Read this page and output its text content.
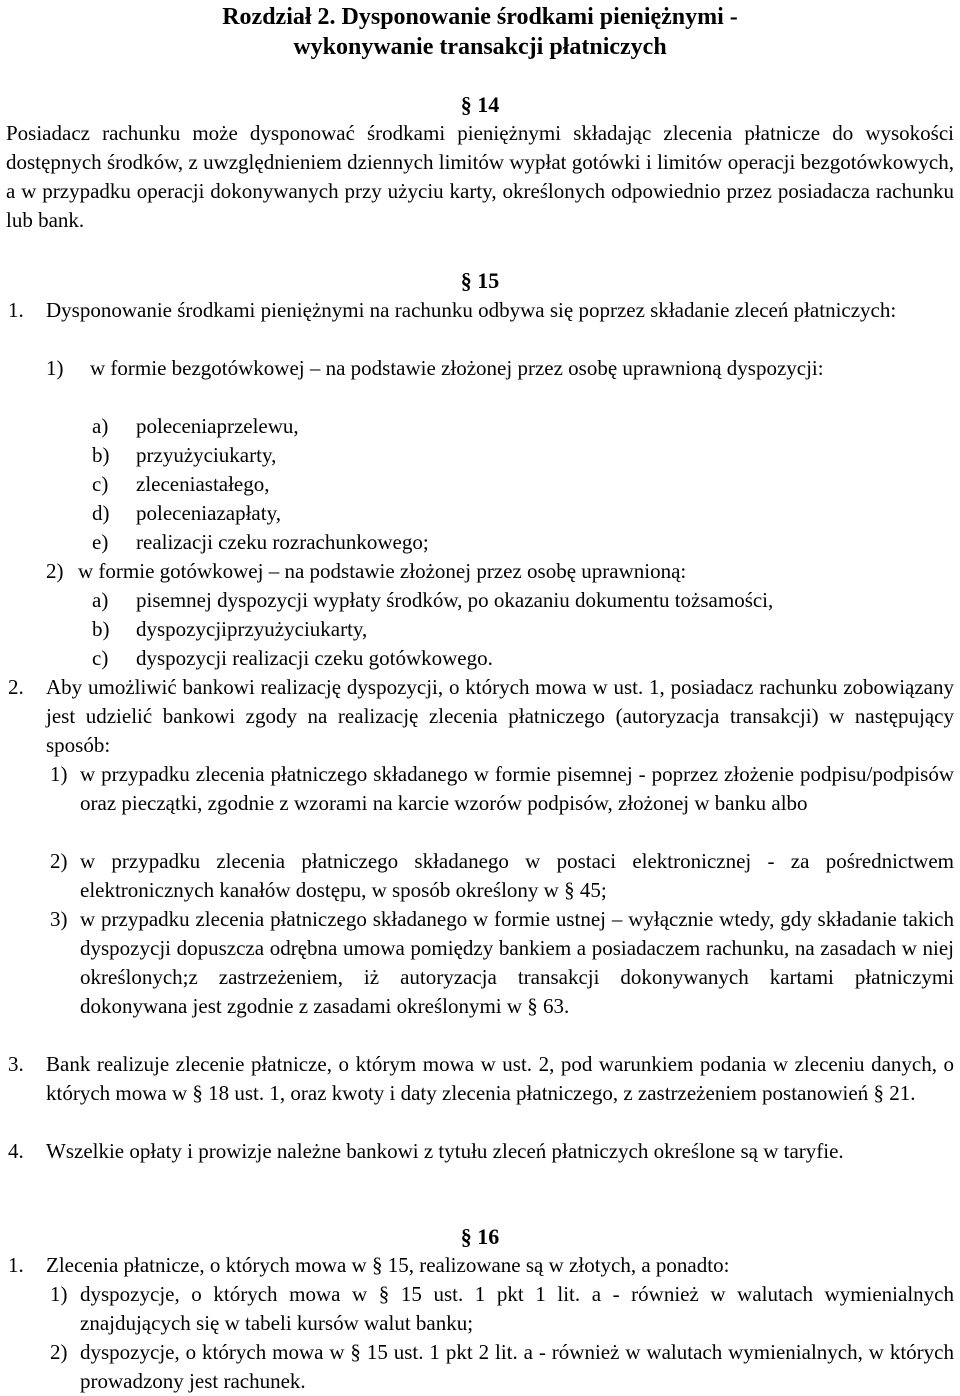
Rozdział 2. Dysponowanie środkami pieniężnymi -
wykonywanie transakcji płatniczych
§ 14
Posiadacz rachunku może dysponować środkami pieniężnymi składając zlecenia płatnicze do wysokości dostępnych środków, z uwzględnieniem dziennych limitów wypłat gotówki i limitów operacji bezgotówkowych, a w przypadku operacji dokonywanych przy użyciu karty, określonych odpowiednio przez posiadacza rachunku lub bank.
§ 15
1. Dysponowanie środkami pieniężnymi na rachunku odbywa się poprzez składanie zleceń płatniczych:
1) w formie bezgotówkowej – na podstawie złożonej przez osobę uprawnioną dyspozycji:
a) poleceniaprzelewu,
b) przyużyciukarty,
c) zleceniastałego,
d) poleceniazapłaty,
e) realizacji czeku rozrachunkowego;
2) w formie gotówkowej – na podstawie złożonej przez osobę uprawnioną:
a) pisemnej dyspozycji wypłaty środków, po okazaniu dokumentu tożsamości,
b) dyspozycjiprzyużyciukarty,
c) dyspozycji realizacji czeku gotówkowego.
2. Aby umożliwić bankowi realizację dyspozycji, o których mowa w ust. 1, posiadacz rachunku zobowiązany jest udzielić bankowi zgody na realizację zlecenia płatniczego (autoryzacja transakcji) w następujący sposób:
1) w przypadku zlecenia płatniczego składanego w formie pisemnej - poprzez złożenie podpisu/podpisów oraz pieczątki, zgodnie z wzorami na karcie wzorów podpisów, złożonej w banku albo
2) w przypadku zlecenia płatniczego składanego w postaci elektronicznej - za pośrednictwem elektronicznych kanałów dostępu, w sposób określony w § 45;
3) w przypadku zlecenia płatniczego składanego w formie ustnej – wyłącznie wtedy, gdy składanie takich dyspozycji dopuszcza odrębna umowa pomiędzy bankiem a posiadaczem rachunku, na zasadach w niej określonych;z zastrzeżeniem, iż autoryzacja transakcji dokonywanych kartami płatniczymi dokonywana jest zgodnie z zasadami określonymi w § 63.
3. Bank realizuje zlecenie płatnicze, o którym mowa w ust. 2, pod warunkiem podania w zleceniu danych, o których mowa w § 18 ust. 1, oraz kwoty i daty zlecenia płatniczego, z zastrzeżeniem postanowień § 21.
4. Wszelkie opłaty i prowizje należne bankowi z tytułu zleceń płatniczych określone są w taryfie.
§ 16
1. Zlecenia płatnicze, o których mowa w § 15, realizowane są w złotych, a ponadto:
1) dyspozycje, o których mowa w § 15 ust. 1 pkt 1 lit. a - również w walutach wymienialnych znajdujących się w tabeli kursów walut banku;
2) dyspozycje, o których mowa w § 15 ust. 1 pkt 2 lit. a - również w walutach wymienialnych, w których prowadzony jest rachunek.
